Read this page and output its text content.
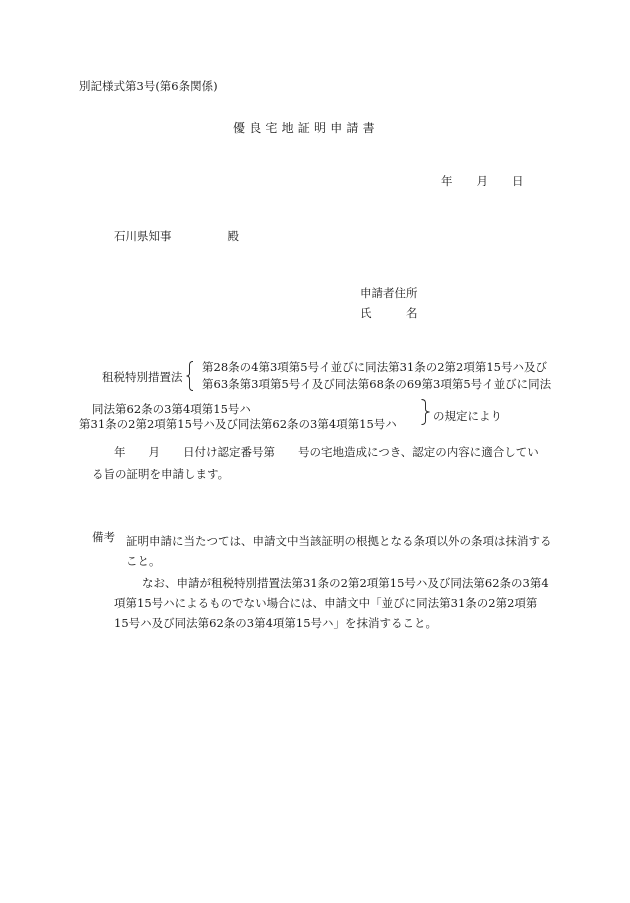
別記様式第3号(第6条関係)
優良宅地証明申請書
年 月 日
石川県知事	殿
申請者住所
氏　　　名
租税特別措置法
第28条の4第3項第5号イ並びに同法第31条の2第2項第15号ハ及び
第63条第3項第5号イ及び同法第68条の69第3項第5号イ並びに同法
同法第62条の3第4項第15号ハ
第31条の2第2項第15号ハ及び同法第62条の3第4項第15号ハ
の規定により
年　　月　　日付け認定番号第　　号の宅地造成につき、認定の内容に適合してい
る旨の証明を申請します。
備考 証明申請に当たつては、申請文中当該証明の根拠となる条項以外の条項は抹消すること。
なお、申請が租税特別措置法第31条の2第2項第15号ハ及び同法第62条の3第4項第15号ハによるものでない場合には、申請文中「並びに同法第31条の2第2項第15号ハ及び同法第62条の3第4項第15号ハ」を抹消すること。
